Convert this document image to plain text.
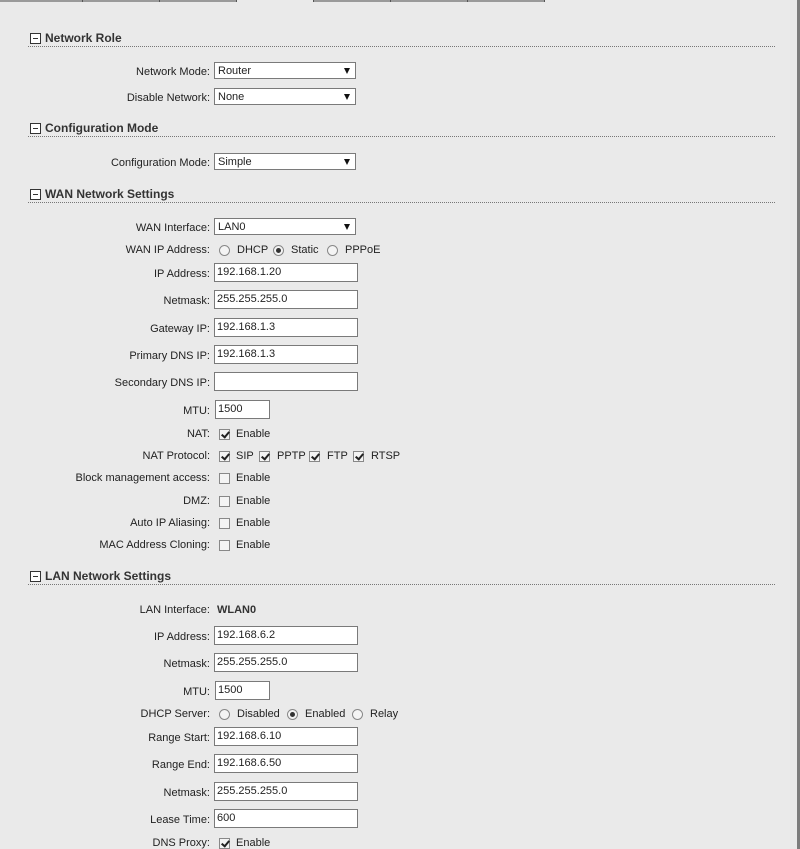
Network Role
Network Mode: Router
Disable Network: None
Configuration Mode
Configuration Mode: Simple
WAN Network Settings
WAN Interface: LAN0
WAN IP Address: DHCP Static PPPoE
IP Address: 192.168.1.20
Netmask: 255.255.255.0
Gateway IP: 192.168.1.3
Primary DNS IP: 192.168.1.3
Secondary DNS IP:
MTU: 1500
NAT: Enable
NAT Protocol: SIP PPTP FTP RTSP
Block management access: Enable
DMZ: Enable
Auto IP Aliasing: Enable
MAC Address Cloning: Enable
LAN Network Settings
LAN Interface: WLAN0
IP Address: 192.168.6.2
Netmask: 255.255.255.0
MTU: 1500
DHCP Server: Disabled Enabled Relay
Range Start: 192.168.6.10
Range End: 192.168.6.50
Netmask: 255.255.255.0
Lease Time: 600
DNS Proxy: Enable
